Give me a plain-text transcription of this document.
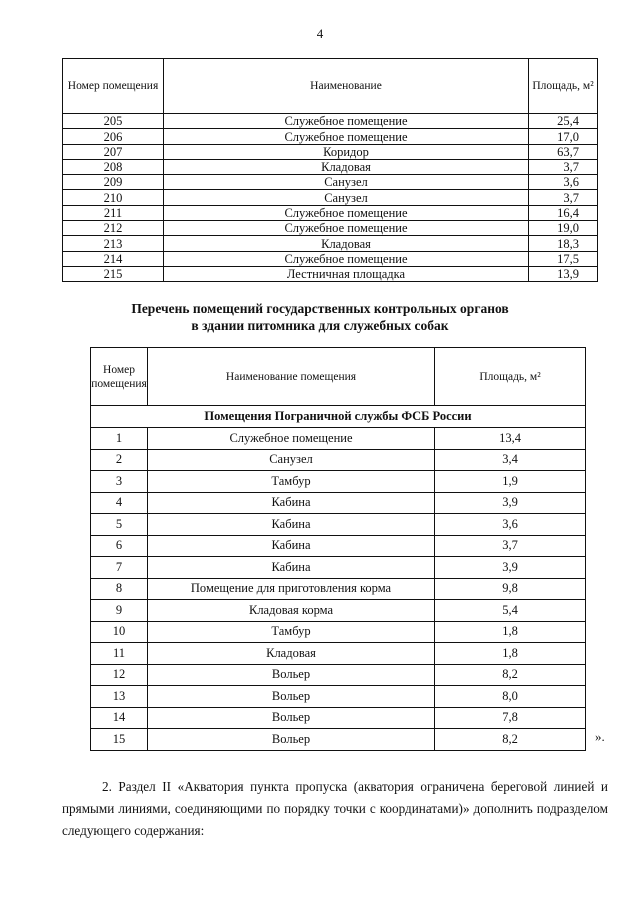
4
Номер помещения	Наименование	Площадь, м²
205	Служебное помещение	25,4
206	Служебное помещение	17,0
207	Коридор	63,7
208	Кладовая	3,7
209	Санузел	3,6
210	Санузел	3,7
211	Служебное помещение	16,4
212	Служебное помещение	19,0
213	Кладовая	18,3
214	Служебное помещение	17,5
215	Лестничная площадка	13,9
Перечень помещений государственных контрольных органов
в здании питомника для служебных собак
Номер помещения	Наименование помещения	Площадь, м²
Помещения Пограничной службы ФСБ России		
1	Служебное помещение	13,4
2	Санузел	3,4
3	Тамбур	1,9
4	Кабина	3,9
5	Кабина	3,6
6	Кабина	3,7
7	Кабина	3,9
8	Помещение для приготовления корма	9,8
9	Кладовая корма	5,4
10	Тамбур	1,8
11	Кладовая	1,8
12	Вольер	8,2
13	Вольер	8,0
14	Вольер	7,8
15	Вольер	8,2	».
2. Раздел II «Акватория пункта пропуска (акватория ограничена береговой линией и прямыми линиями, соединяющими по порядку точки с координатами)» дополнить подразделом следующего содержания:
